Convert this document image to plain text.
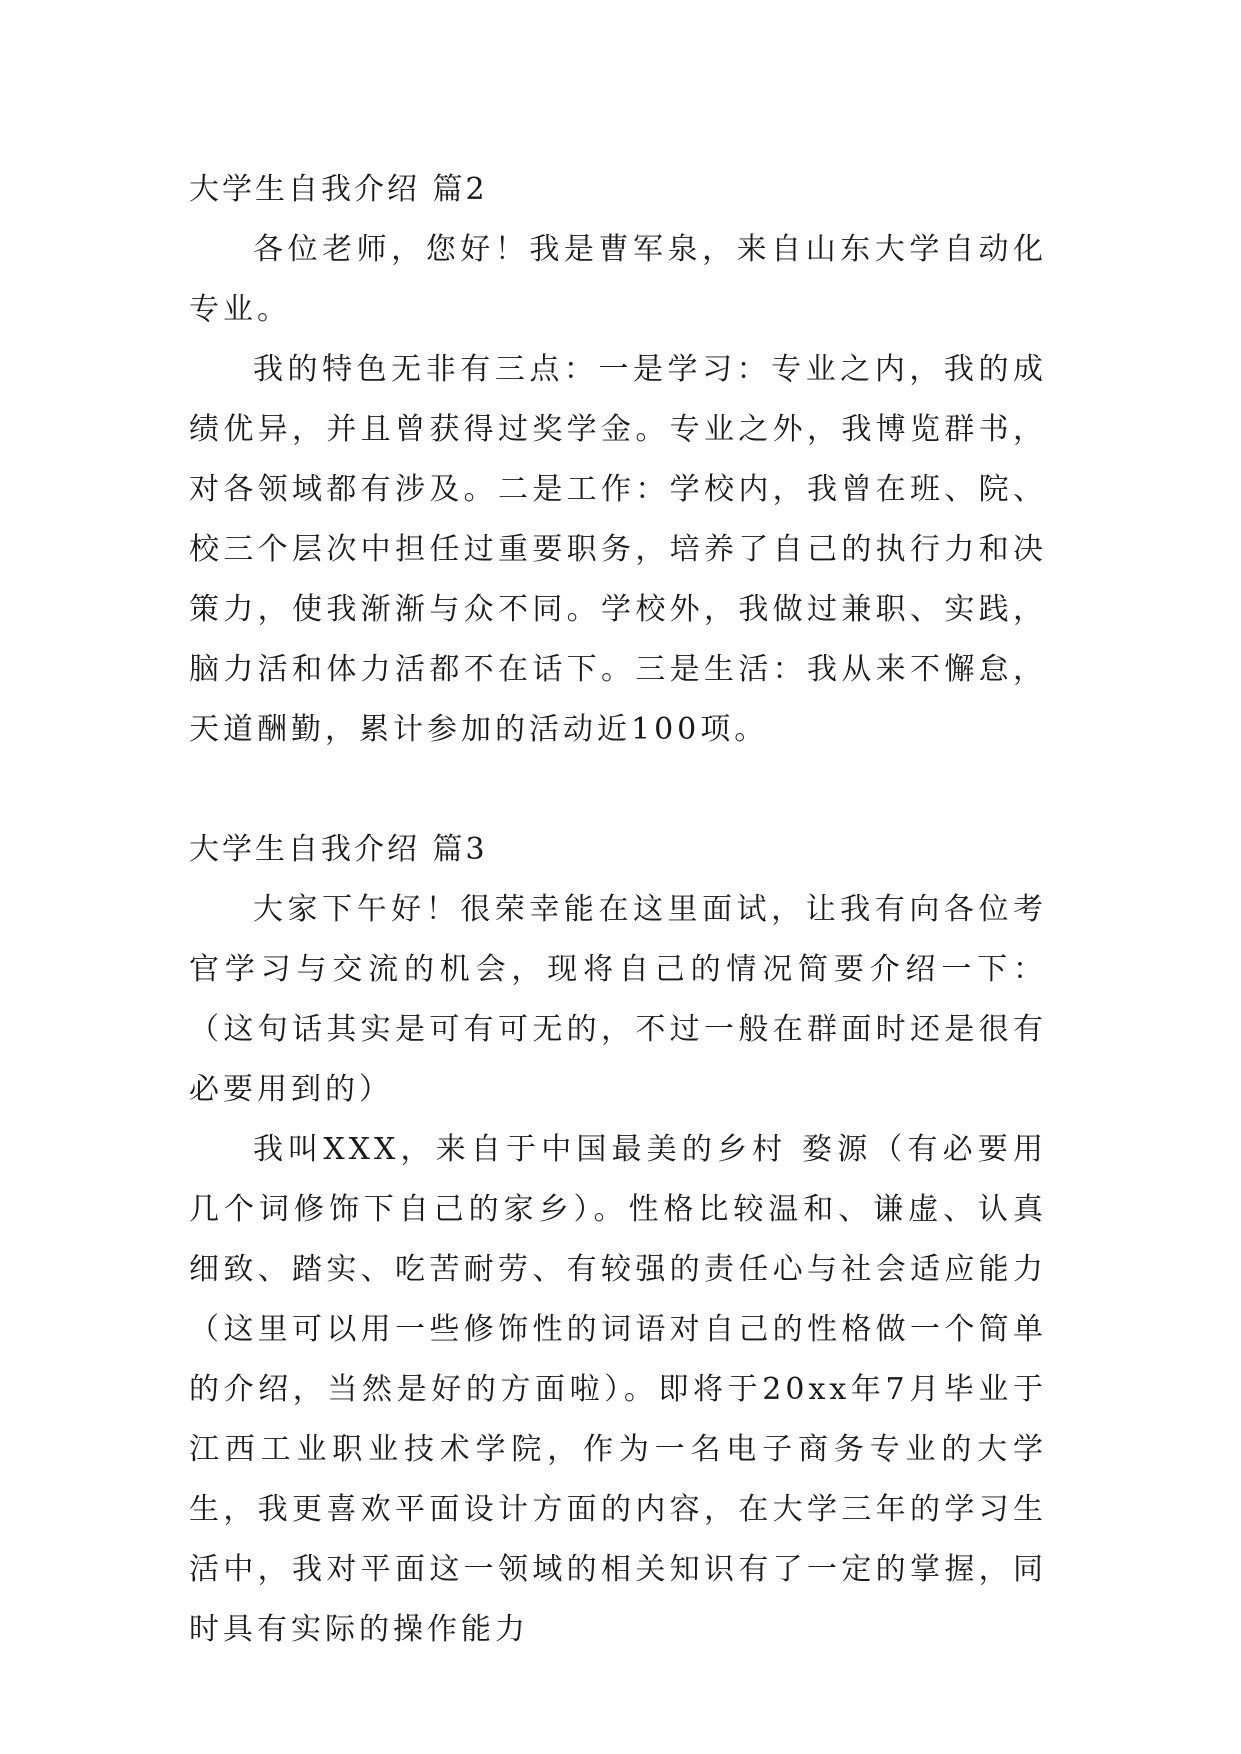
大学生自我介绍 篇2

各位老师，您好！我是曹军泉，来自山东大学自动化专业。

我的特色无非有三点：一是学习：专业之内，我的成绩优异，并且曾获得过奖学金。专业之外，我博览群书，对各领域都有涉及。二是工作：学校内，我曾在班、院、校三个层次中担任过重要职务，培养了自己的执行力和决策力，使我渐渐与众不同。学校外，我做过兼职、实践，脑力活和体力活都不在话下。三是生活：我从来不懈怠，天道酬勤，累计参加的活动近100项。

大学生自我介绍 篇3

大家下午好！很荣幸能在这里面试，让我有向各位考官学习与交流的机会，现将自己的情况简要介绍一下：（这句话其实是可有可无的，不过一般在群面时还是很有必要用到的）

我叫XXX，来自于中国最美的乡村 婺源（有必要用几个词修饰下自己的家乡）。性格比较温和、谦虚、认真细致、踏实、吃苦耐劳、有较强的责任心与社会适应能力（这里可以用一些修饰性的词语对自己的性格做一个简单的介绍，当然是好的方面啦）。即将于20xx年7月毕业于江西工业职业技术学院，作为一名电子商务专业的大学生，我更喜欢平面设计方面的内容，在大学三年的学习生活中，我对平面这一领域的相关知识有了一定的掌握，同时具有实际的操作能力
